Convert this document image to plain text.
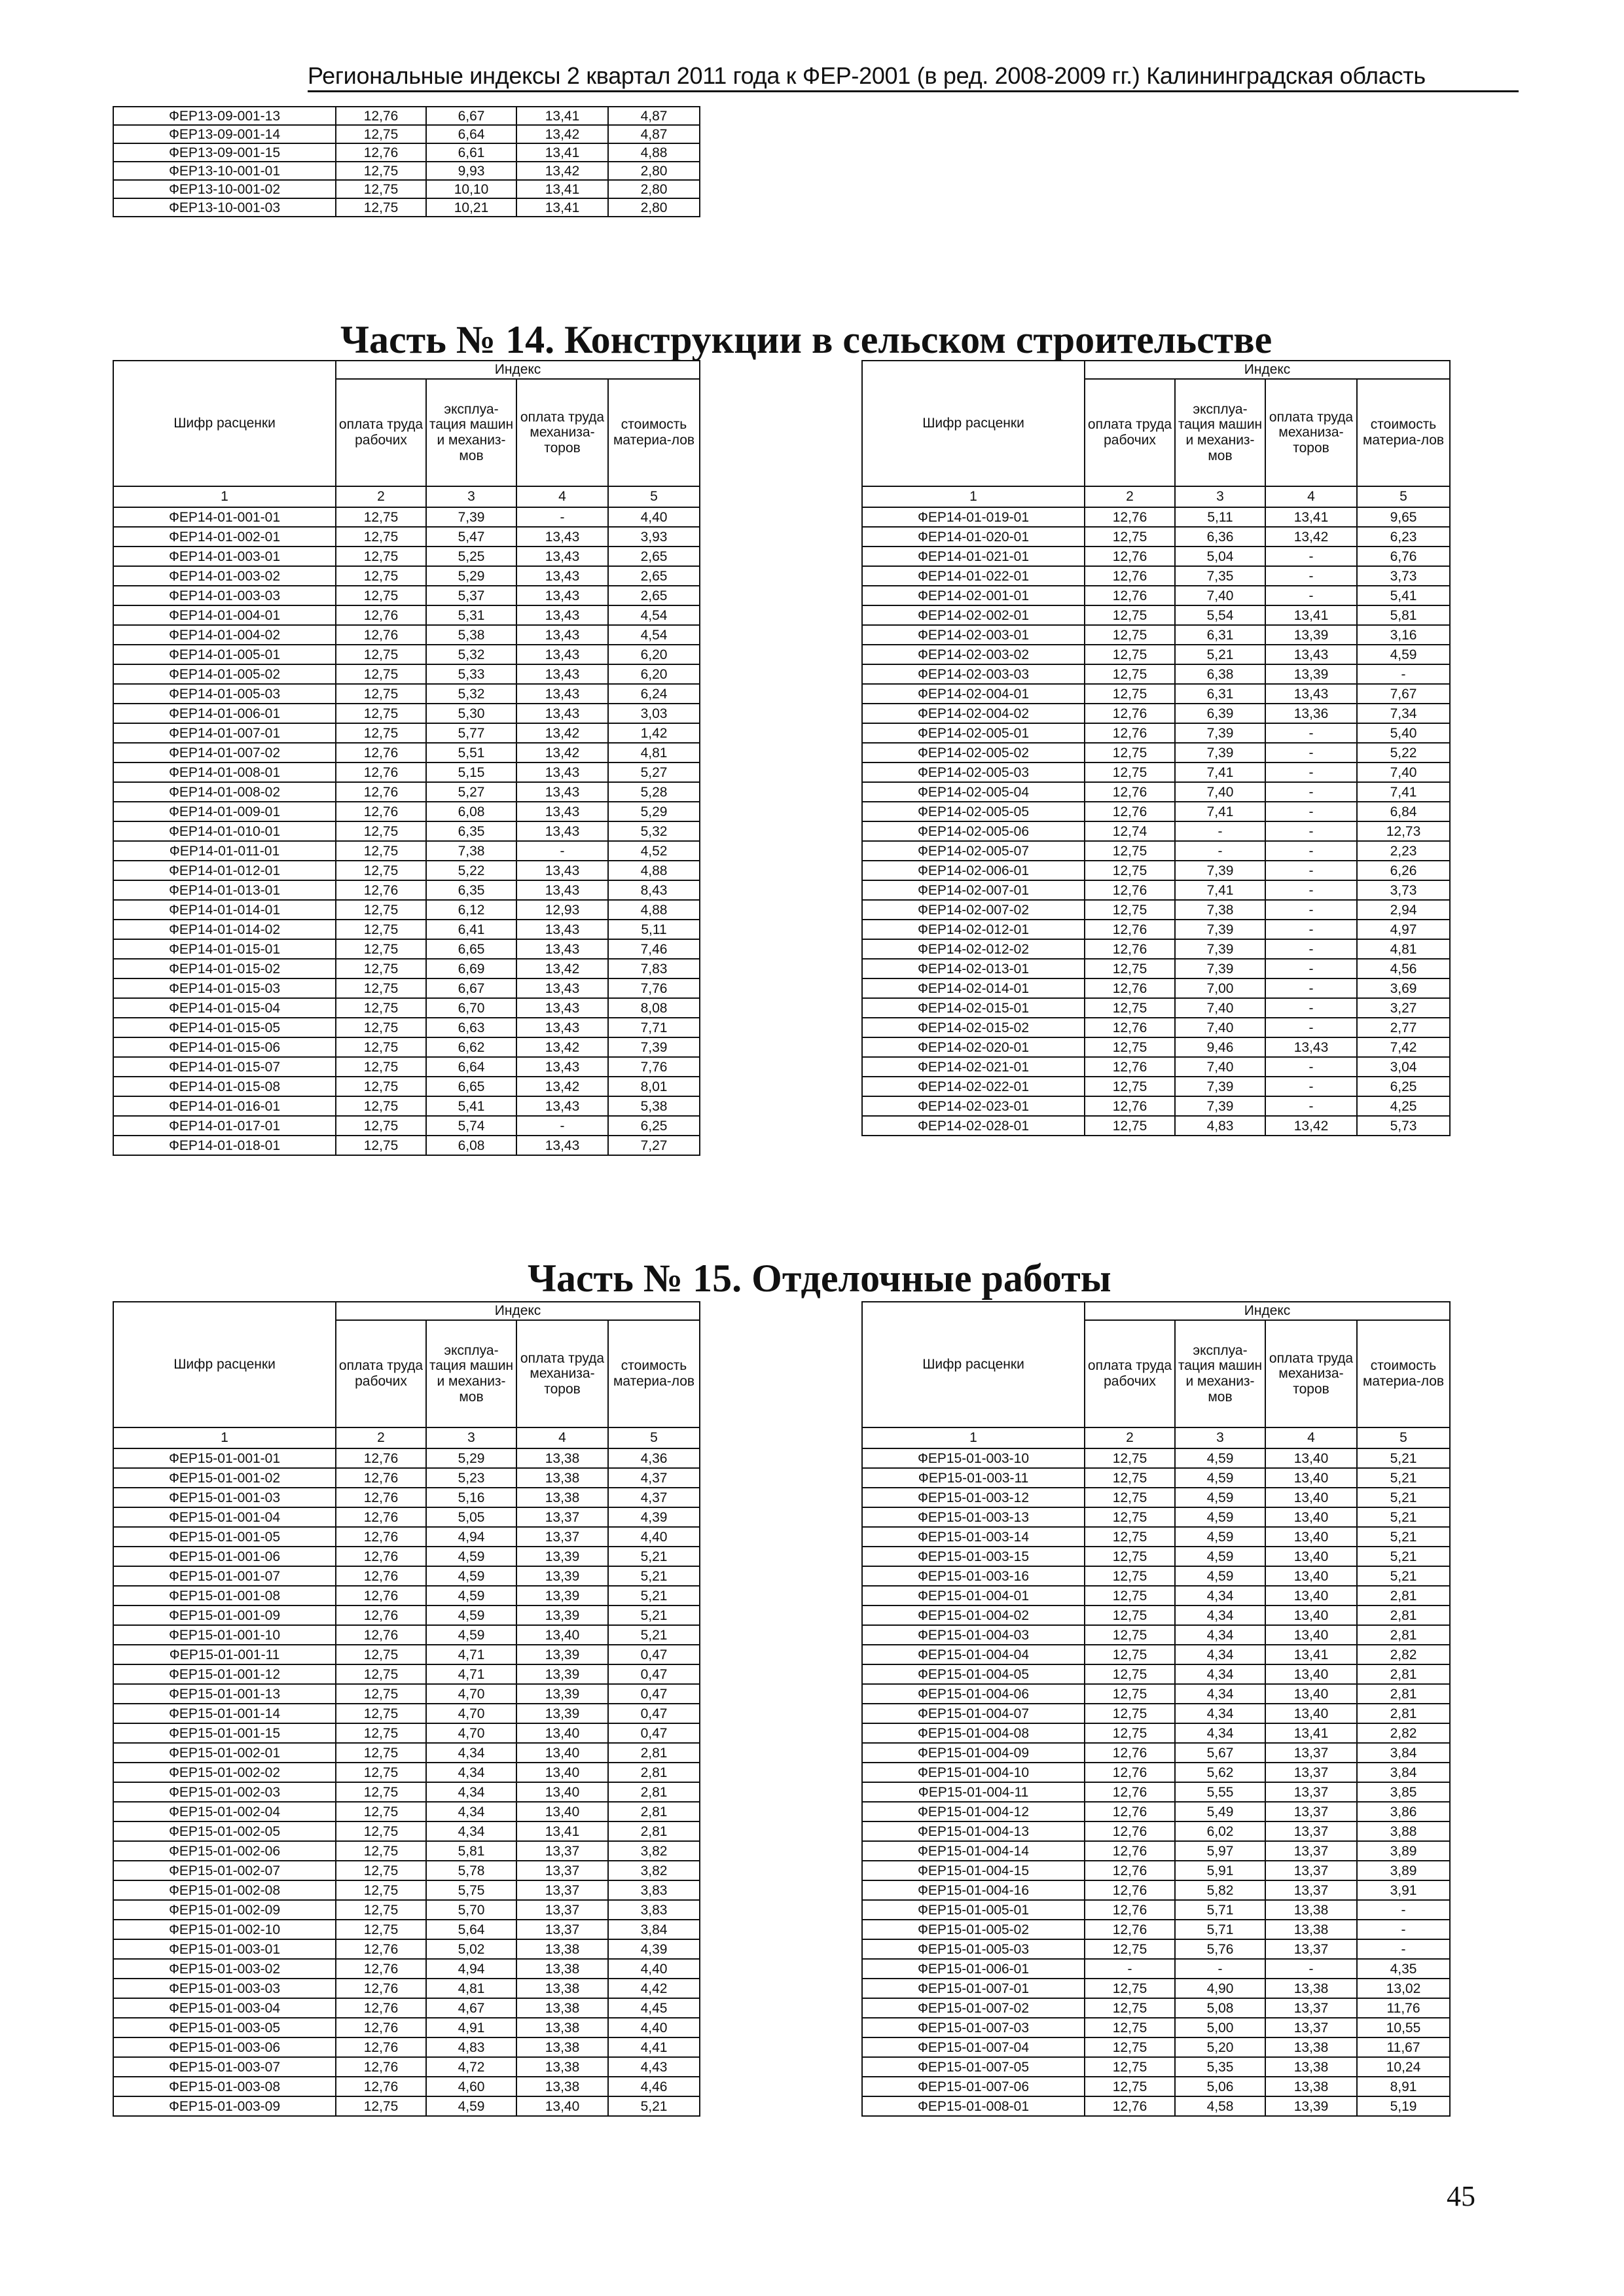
Региональные индексы 2 квартал 2011 года к ФЕР-2001 (в ред. 2008-2009 гг.) Калининградская область
ФЕР13-09-001-13	12,76	6,67	13,41	4,87
ФЕР13-09-001-14	12,75	6,64	13,42	4,87
ФЕР13-09-001-15	12,76	6,61	13,41	4,88
ФЕР13-10-001-01	12,75	9,93	13,42	2,80
ФЕР13-10-001-02	12,75	10,10	13,41	2,80
ФЕР13-10-001-03	12,75	10,21	13,41	2,80
Часть № 14. Конструкции в сельском строительстве
Шифр расценки	Индекс			
	оплата труда рабочих	эксплуа-тация машин и механиз-мов	оплата труда механиза-торов	стоимость материа-лов
1	2	3	4	5
ФЕР14-01-001-01	12,75	7,39	-	4,40
ФЕР14-01-002-01	12,75	5,47	13,43	3,93
ФЕР14-01-003-01	12,75	5,25	13,43	2,65
ФЕР14-01-003-02	12,75	5,29	13,43	2,65
ФЕР14-01-003-03	12,75	5,37	13,43	2,65
ФЕР14-01-004-01	12,76	5,31	13,43	4,54
ФЕР14-01-004-02	12,76	5,38	13,43	4,54
ФЕР14-01-005-01	12,75	5,32	13,43	6,20
ФЕР14-01-005-02	12,75	5,33	13,43	6,20
ФЕР14-01-005-03	12,75	5,32	13,43	6,24
ФЕР14-01-006-01	12,75	5,30	13,43	3,03
ФЕР14-01-007-01	12,75	5,77	13,42	1,42
ФЕР14-01-007-02	12,76	5,51	13,42	4,81
ФЕР14-01-008-01	12,76	5,15	13,43	5,27
ФЕР14-01-008-02	12,76	5,27	13,43	5,28
ФЕР14-01-009-01	12,76	6,08	13,43	5,29
ФЕР14-01-010-01	12,75	6,35	13,43	5,32
ФЕР14-01-011-01	12,75	7,38	-	4,52
ФЕР14-01-012-01	12,75	5,22	13,43	4,88
ФЕР14-01-013-01	12,76	6,35	13,43	8,43
ФЕР14-01-014-01	12,75	6,12	12,93	4,88
ФЕР14-01-014-02	12,75	6,41	13,43	5,11
ФЕР14-01-015-01	12,75	6,65	13,43	7,46
ФЕР14-01-015-02	12,75	6,69	13,42	7,83
ФЕР14-01-015-03	12,75	6,67	13,43	7,76
ФЕР14-01-015-04	12,75	6,70	13,43	8,08
ФЕР14-01-015-05	12,75	6,63	13,43	7,71
ФЕР14-01-015-06	12,75	6,62	13,42	7,39
ФЕР14-01-015-07	12,75	6,64	13,43	7,76
ФЕР14-01-015-08	12,75	6,65	13,42	8,01
ФЕР14-01-016-01	12,75	5,41	13,43	5,38
ФЕР14-01-017-01	12,75	5,74	-	6,25
ФЕР14-01-018-01	12,75	6,08	13,43	7,27
Шифр расценки	Индекс			
	оплата труда рабочих	эксплуа-тация машин и механиз-мов	оплата труда механиза-торов	стоимость материа-лов
1	2	3	4	5
ФЕР14-01-019-01	12,76	5,11	13,41	9,65
ФЕР14-01-020-01	12,75	6,36	13,42	6,23
ФЕР14-01-021-01	12,76	5,04	-	6,76
ФЕР14-01-022-01	12,76	7,35	-	3,73
ФЕР14-02-001-01	12,76	7,40	-	5,41
ФЕР14-02-002-01	12,75	5,54	13,41	5,81
ФЕР14-02-003-01	12,75	6,31	13,39	3,16
ФЕР14-02-003-02	12,75	5,21	13,43	4,59
ФЕР14-02-003-03	12,75	6,38	13,39	-
ФЕР14-02-004-01	12,75	6,31	13,43	7,67
ФЕР14-02-004-02	12,76	6,39	13,36	7,34
ФЕР14-02-005-01	12,76	7,39	-	5,40
ФЕР14-02-005-02	12,75	7,39	-	5,22
ФЕР14-02-005-03	12,75	7,41	-	7,40
ФЕР14-02-005-04	12,76	7,40	-	7,41
ФЕР14-02-005-05	12,76	7,41	-	6,84
ФЕР14-02-005-06	12,74	-	-	12,73
ФЕР14-02-005-07	12,75	-	-	2,23
ФЕР14-02-006-01	12,75	7,39	-	6,26
ФЕР14-02-007-01	12,76	7,41	-	3,73
ФЕР14-02-007-02	12,75	7,38	-	2,94
ФЕР14-02-012-01	12,76	7,39	-	4,97
ФЕР14-02-012-02	12,76	7,39	-	4,81
ФЕР14-02-013-01	12,75	7,39	-	4,56
ФЕР14-02-014-01	12,76	7,00	-	3,69
ФЕР14-02-015-01	12,75	7,40	-	3,27
ФЕР14-02-015-02	12,76	7,40	-	2,77
ФЕР14-02-020-01	12,75	9,46	13,43	7,42
ФЕР14-02-021-01	12,76	7,40	-	3,04
ФЕР14-02-022-01	12,75	7,39	-	6,25
ФЕР14-02-023-01	12,76	7,39	-	4,25
ФЕР14-02-028-01	12,75	4,83	13,42	5,73
Часть № 15. Отделочные работы
Шифр расценки	Индекс			
	оплата труда рабочих	эксплуа-тация машин и механиз-мов	оплата труда механиза-торов	стоимость материа-лов
1	2	3	4	5
ФЕР15-01-001-01	12,76	5,29	13,38	4,36
ФЕР15-01-001-02	12,76	5,23	13,38	4,37
ФЕР15-01-001-03	12,76	5,16	13,38	4,37
ФЕР15-01-001-04	12,76	5,05	13,37	4,39
ФЕР15-01-001-05	12,76	4,94	13,37	4,40
ФЕР15-01-001-06	12,76	4,59	13,39	5,21
ФЕР15-01-001-07	12,76	4,59	13,39	5,21
ФЕР15-01-001-08	12,76	4,59	13,39	5,21
ФЕР15-01-001-09	12,76	4,59	13,39	5,21
ФЕР15-01-001-10	12,76	4,59	13,40	5,21
ФЕР15-01-001-11	12,75	4,71	13,39	0,47
ФЕР15-01-001-12	12,75	4,71	13,39	0,47
ФЕР15-01-001-13	12,75	4,70	13,39	0,47
ФЕР15-01-001-14	12,75	4,70	13,39	0,47
ФЕР15-01-001-15	12,75	4,70	13,40	0,47
ФЕР15-01-002-01	12,75	4,34	13,40	2,81
ФЕР15-01-002-02	12,75	4,34	13,40	2,81
ФЕР15-01-002-03	12,75	4,34	13,40	2,81
ФЕР15-01-002-04	12,75	4,34	13,40	2,81
ФЕР15-01-002-05	12,75	4,34	13,41	2,81
ФЕР15-01-002-06	12,75	5,81	13,37	3,82
ФЕР15-01-002-07	12,75	5,78	13,37	3,82
ФЕР15-01-002-08	12,75	5,75	13,37	3,83
ФЕР15-01-002-09	12,75	5,70	13,37	3,83
ФЕР15-01-002-10	12,75	5,64	13,37	3,84
ФЕР15-01-003-01	12,76	5,02	13,38	4,39
ФЕР15-01-003-02	12,76	4,94	13,38	4,40
ФЕР15-01-003-03	12,76	4,81	13,38	4,42
ФЕР15-01-003-04	12,76	4,67	13,38	4,45
ФЕР15-01-003-05	12,76	4,91	13,38	4,40
ФЕР15-01-003-06	12,76	4,83	13,38	4,41
ФЕР15-01-003-07	12,76	4,72	13,38	4,43
ФЕР15-01-003-08	12,76	4,60	13,38	4,46
ФЕР15-01-003-09	12,75	4,59	13,40	5,21
Шифр расценки	Индекс			
	оплата труда рабочих	эксплуа-тация машин и механиз-мов	оплата труда механиза-торов	стоимость материа-лов
1	2	3	4	5
ФЕР15-01-003-10	12,75	4,59	13,40	5,21
ФЕР15-01-003-11	12,75	4,59	13,40	5,21
ФЕР15-01-003-12	12,75	4,59	13,40	5,21
ФЕР15-01-003-13	12,75	4,59	13,40	5,21
ФЕР15-01-003-14	12,75	4,59	13,40	5,21
ФЕР15-01-003-15	12,75	4,59	13,40	5,21
ФЕР15-01-003-16	12,75	4,59	13,40	5,21
ФЕР15-01-004-01	12,75	4,34	13,40	2,81
ФЕР15-01-004-02	12,75	4,34	13,40	2,81
ФЕР15-01-004-03	12,75	4,34	13,40	2,81
ФЕР15-01-004-04	12,75	4,34	13,41	2,82
ФЕР15-01-004-05	12,75	4,34	13,40	2,81
ФЕР15-01-004-06	12,75	4,34	13,40	2,81
ФЕР15-01-004-07	12,75	4,34	13,40	2,81
ФЕР15-01-004-08	12,75	4,34	13,41	2,82
ФЕР15-01-004-09	12,76	5,67	13,37	3,84
ФЕР15-01-004-10	12,76	5,62	13,37	3,84
ФЕР15-01-004-11	12,76	5,55	13,37	3,85
ФЕР15-01-004-12	12,76	5,49	13,37	3,86
ФЕР15-01-004-13	12,76	6,02	13,37	3,88
ФЕР15-01-004-14	12,76	5,97	13,37	3,89
ФЕР15-01-004-15	12,76	5,91	13,37	3,89
ФЕР15-01-004-16	12,76	5,82	13,37	3,91
ФЕР15-01-005-01	12,76	5,71	13,38	-
ФЕР15-01-005-02	12,76	5,71	13,38	-
ФЕР15-01-005-03	12,75	5,76	13,37	-
ФЕР15-01-006-01	-	-	-	4,35
ФЕР15-01-007-01	12,75	4,90	13,38	13,02
ФЕР15-01-007-02	12,75	5,08	13,37	11,76
ФЕР15-01-007-03	12,75	5,00	13,37	10,55
ФЕР15-01-007-04	12,75	5,20	13,38	11,67
ФЕР15-01-007-05	12,75	5,35	13,38	10,24
ФЕР15-01-007-06	12,75	5,06	13,38	8,91
ФЕР15-01-008-01	12,76	4,58	13,39	5,19
45
